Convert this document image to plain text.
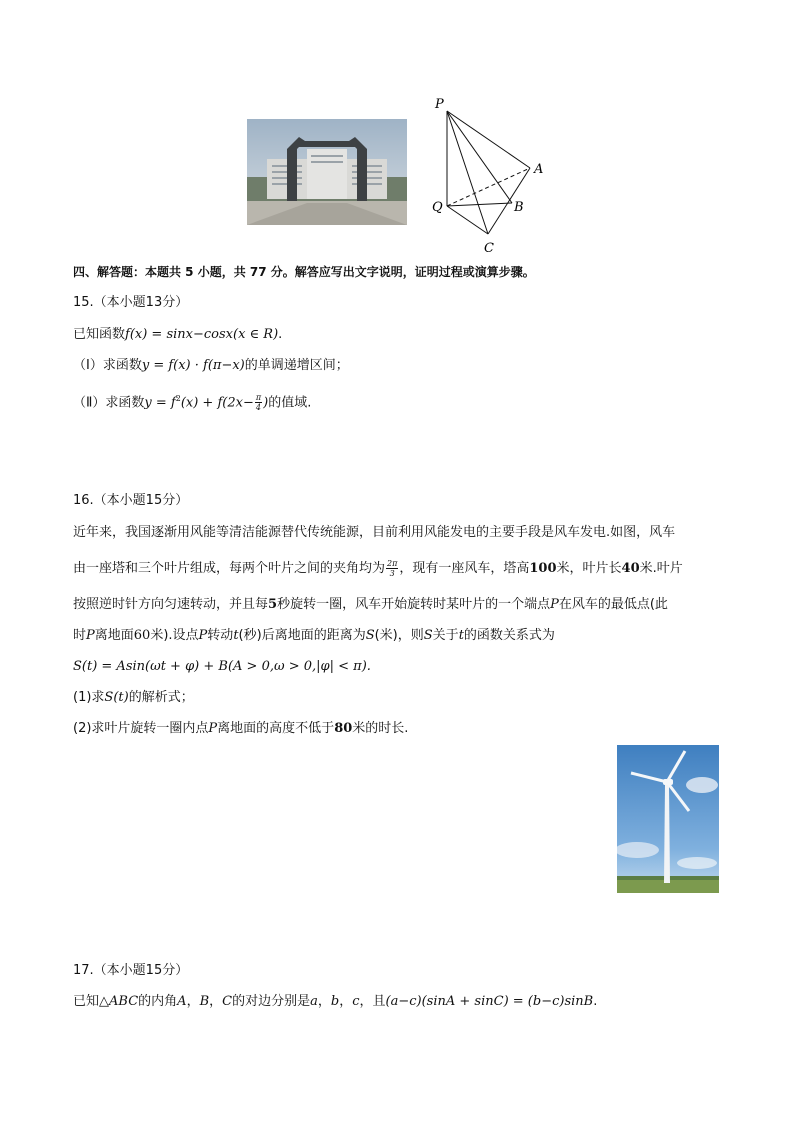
P
A
Q	B
C
四、解答题：本题共 5 小题，共 77 分。解答应写出文字说明，证明过程或演算步骤。
15.（本小题13分）
已知函数f(x) = sinx−cosx(x ∈ R).
（Ⅰ）求函数y = f(x) · f(π−x)的单调递增区间；
（Ⅱ）求函数$y = f^2(x) + f(2x- \frac{\pi}{4}$ )的值域.
16.（本小题15分）
近年来，我国逐渐用风能等清洁能源替代传统能源，目前利用风能发电的主要手段是风车发电.如图，风车
由一座塔和三个叶片组成，每两个叶片之间的夹角均为 $\frac{2\pi}{3}$ ，现有一座风车，塔高100米，叶片长40米.叶片
按照逆时针方向匀速转动，并且每5秒旋转一圈，风车开始旋转时某叶片的一个端点P在风车的最低点(此
时P离地面60米).设点P转动t(秒)后离地面的距离为S(米)，则S关于t的函数关系式为
S(t) = Asin(ωt + φ) + B(A > 0,ω > 0,|φ| < π).
(1)求S(t)的解析式；
(2)求叶片旋转一圈内点P离地面的高度不低于80米的时长.
17.（本小题15分）
已知△ABC的内角A，B，C的对边分别是a，b，c，且(a−c)(sinA + sinC) = (b−c)sinB.
